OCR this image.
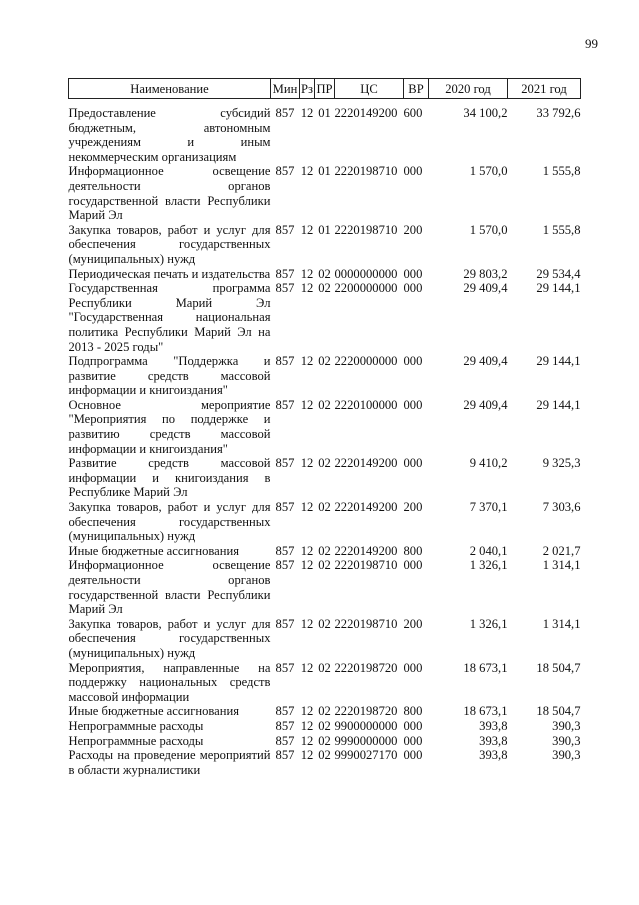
99
Наименование	Мин	Рз	ПР	ЦС	ВР	2020 год	2021 год
Предоставление субсидий бюджетным, автономным учреждениям и иным некоммерческим организациям	857	12	01	2220149200	600	34 100,2	33 792,6
Информационное освещение деятельности органов государственной власти Республики Марий Эл	857	12	01	2220198710	000	1 570,0	1 555,8
Закупка товаров, работ и услуг для обеспечения государственных (муниципальных) нужд	857	12	01	2220198710	200	1 570,0	1 555,8
Периодическая печать и издательства	857	12	02	0000000000	000	29 803,2	29 534,4
Государственная программа Республики Марий Эл "Государственная национальная политика Республики Марий Эл на 2013 - 2025 годы"	857	12	02	2200000000	000	29 409,4	29 144,1
Подпрограмма "Поддержка и развитие средств массовой информации и книгоиздания"	857	12	02	2220000000	000	29 409,4	29 144,1
Основное мероприятие "Мероприятия по поддержке и развитию средств массовой информации и книгоиздания"	857	12	02	2220100000	000	29 409,4	29 144,1
Развитие средств массовой информации и книгоиздания в Республике Марий Эл	857	12	02	2220149200	000	9 410,2	9 325,3
Закупка товаров, работ и услуг для обеспечения государственных (муниципальных) нужд	857	12	02	2220149200	200	7 370,1	7 303,6
Иные бюджетные ассигнования	857	12	02	2220149200	800	2 040,1	2 021,7
Информационное освещение деятельности органов государственной власти Республики Марий Эл	857	12	02	2220198710	000	1 326,1	1 314,1
Закупка товаров, работ и услуг для обеспечения государственных (муниципальных) нужд	857	12	02	2220198710	200	1 326,1	1 314,1
Мероприятия, направленные на поддержку национальных средств массовой информации	857	12	02	2220198720	000	18 673,1	18 504,7
Иные бюджетные ассигнования	857	12	02	2220198720	800	18 673,1	18 504,7
Непрограммные расходы	857	12	02	9900000000	000	393,8	390,3
Непрограммные расходы	857	12	02	9990000000	000	393,8	390,3
Расходы на проведение мероприятий в области журналистики	857	12	02	9990027170	000	393,8	390,3
